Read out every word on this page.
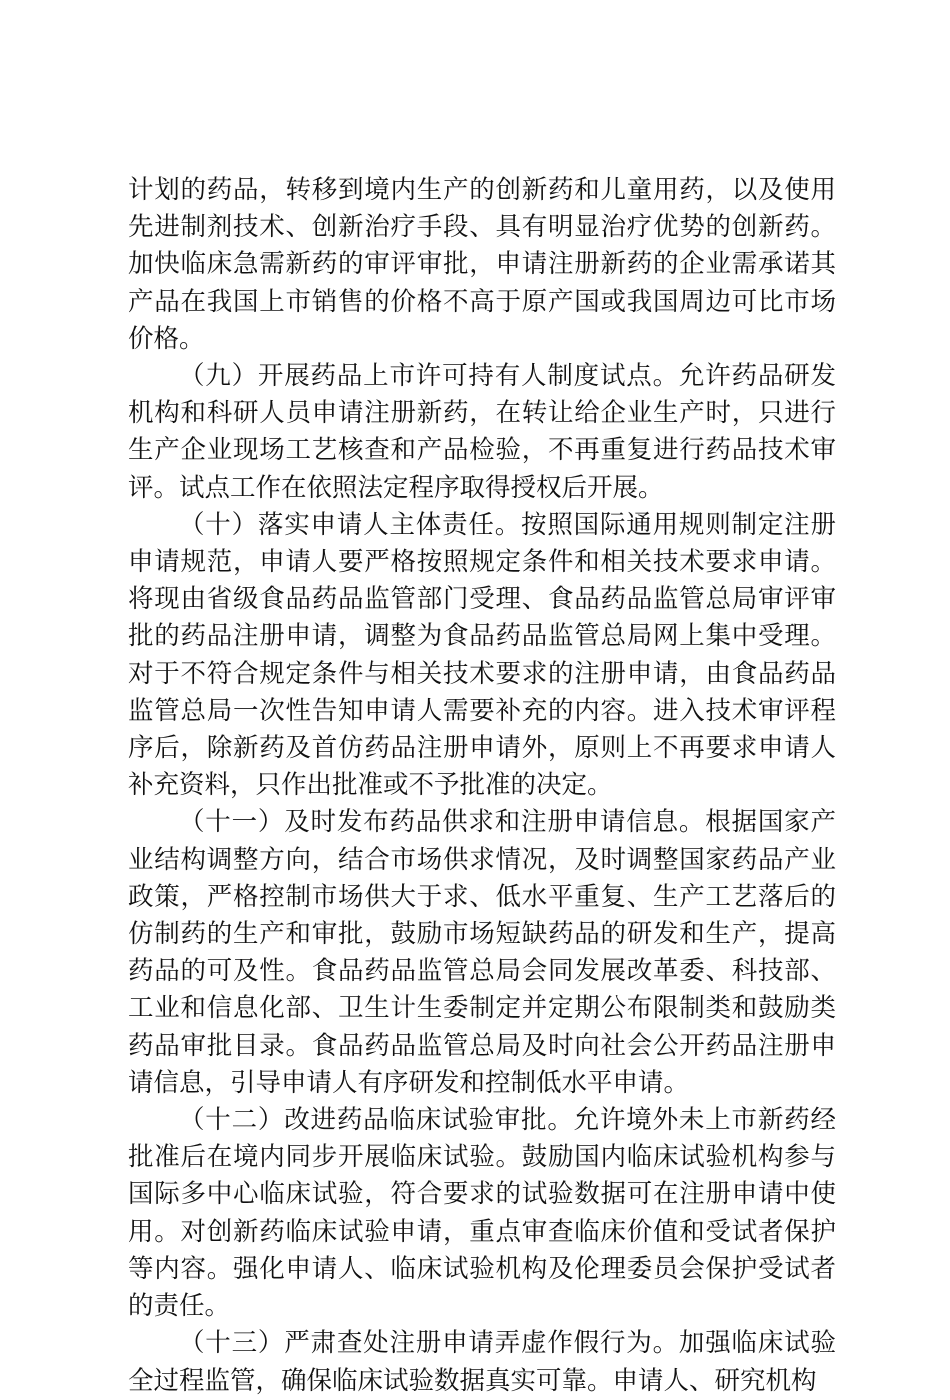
计划的药品，转移到境内生产的创新药和儿童用药，以及使用先进制剂技术、创新治疗手段、具有明显治疗优势的创新药。加快临床急需新药的审评审批，申请注册新药的企业需承诺其产品在我国上市销售的价格不高于原产国或我国周边可比市场价格。

（九）开展药品上市许可持有人制度试点。允许药品研发机构和科研人员申请注册新药，在转让给企业生产时，只进行生产企业现场工艺核查和产品检验，不再重复进行药品技术审评。试点工作在依照法定程序取得授权后开展。

（十）落实申请人主体责任。按照国际通用规则制定注册申请规范，申请人要严格按照规定条件和相关技术要求申请。将现由省级食品药品监管部门受理、食品药品监管总局审评审批的药品注册申请，调整为食品药品监管总局网上集中受理。对于不符合规定条件与相关技术要求的注册申请，由食品药品监管总局一次性告知申请人需要补充的内容。进入技术审评程序后，除新药及首仿药品注册申请外，原则上不再要求申请人补充资料，只作出批准或不予批准的决定。

（十一）及时发布药品供求和注册申请信息。根据国家产业结构调整方向，结合市场供求情况，及时调整国家药品产业政策，严格控制市场供大于求、低水平重复、生产工艺落后的仿制药的生产和审批，鼓励市场短缺药品的研发和生产，提高药品的可及性。食品药品监管总局会同发展改革委、科技部、工业和信息化部、卫生计生委制定并定期公布限制类和鼓励类药品审批目录。食品药品监管总局及时向社会公开药品注册申请信息，引导申请人有序研发和控制低水平申请。

（十二）改进药品临床试验审批。允许境外未上市新药经批准后在境内同步开展临床试验。鼓励国内临床试验机构参与国际多中心临床试验，符合要求的试验数据可在注册申请中使用。对创新药临床试验申请，重点审查临床价值和受试者保护等内容。强化申请人、临床试验机构及伦理委员会保护受试者的责任。

（十三）严肃查处注册申请弄虚作假行为。加强临床试验全过程监管，确保临床试验数据真实可靠。申请人、研究机构
